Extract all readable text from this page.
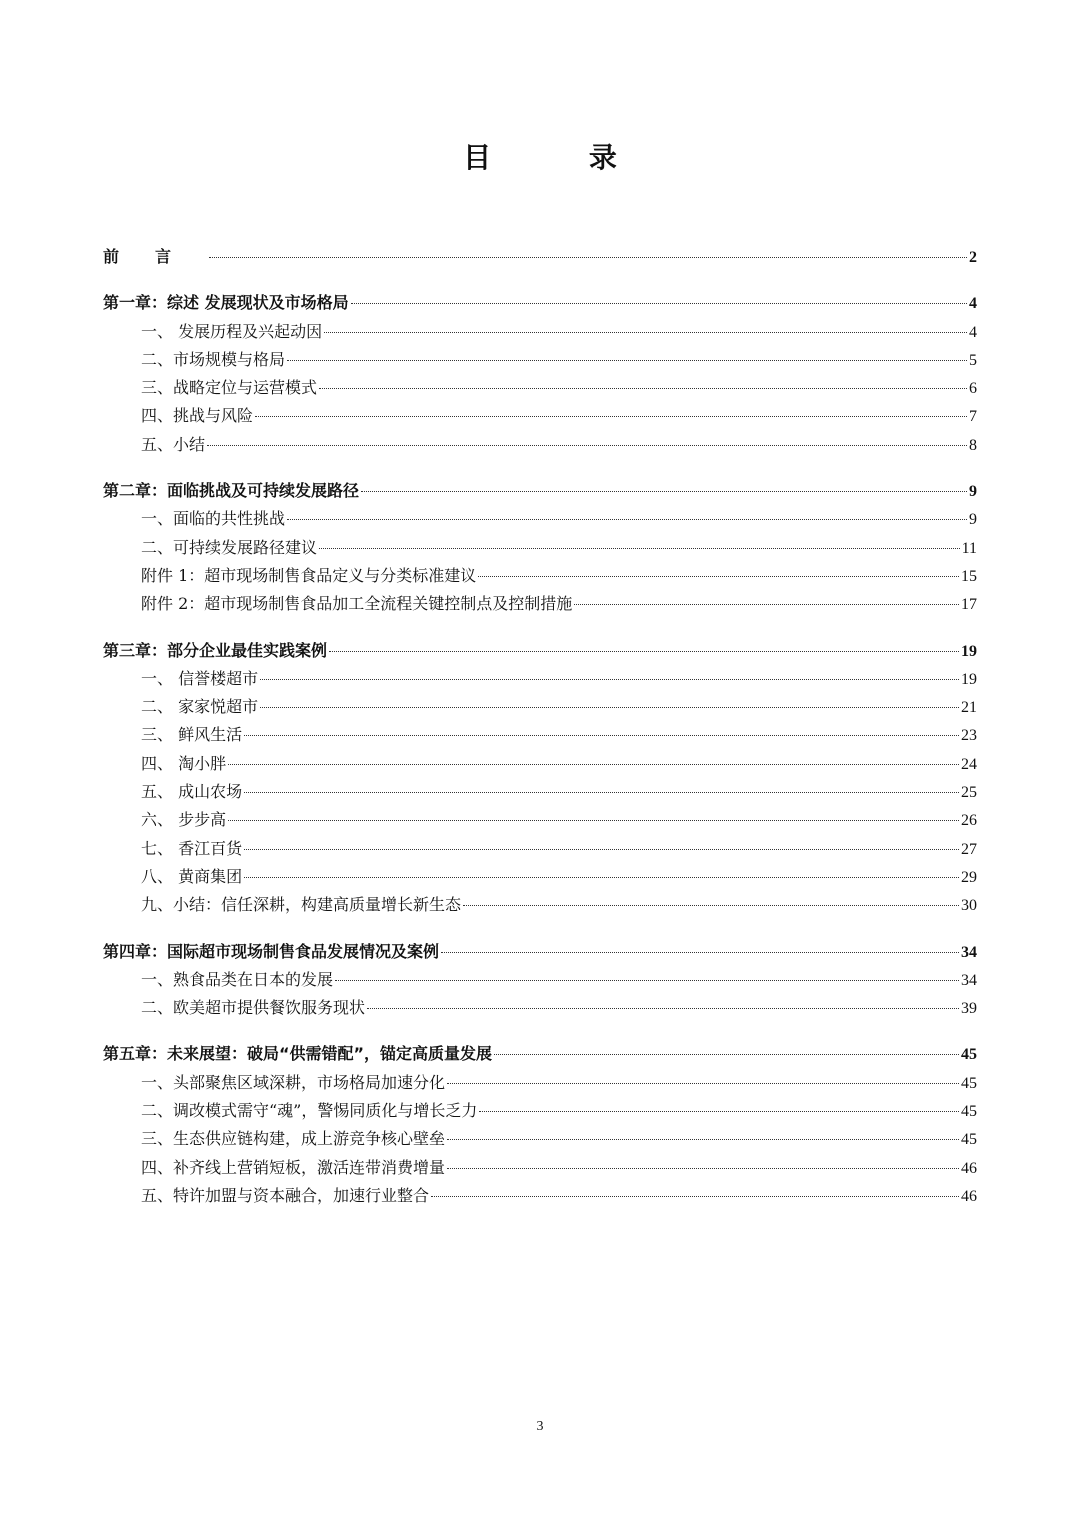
目 录
前言	2
第一章：综述 发展现状及市场格局	4
一、 发展历程及兴起动因	4
二、市场规模与格局	5
三、战略定位与运营模式	6
四、挑战与风险	7
五、小结	8
第二章：面临挑战及可持续发展路径	9
一、面临的共性挑战	9
二、可持续发展路径建议	11
附件 1：超市现场制售食品定义与分类标准建议	15
附件 2：超市现场制售食品加工全流程关键控制点及控制措施	17
第三章：部分企业最佳实践案例	19
一、 信誉楼超市	19
二、 家家悦超市	21
三、 鲜风生活	23
四、 淘小胖	24
五、 成山农场	25
六、 步步高	26
七、 香江百货	27
八、 黄商集团	29
九、小结：信任深耕，构建高质量增长新生态	30
第四章：国际超市现场制售食品发展情况及案例	34
一、熟食品类在日本的发展	34
二、欧美超市提供餐饮服务现状	39
第五章：未来展望：破局“供需错配”，锚定高质量发展	45
一、头部聚焦区域深耕，市场格局加速分化	45
二、调改模式需守“魂”，警惕同质化与增长乏力	45
三、生态供应链构建，成上游竞争核心壁垒	45
四、补齐线上营销短板，激活连带消费增量	46
五、特许加盟与资本融合，加速行业整合	46
3
